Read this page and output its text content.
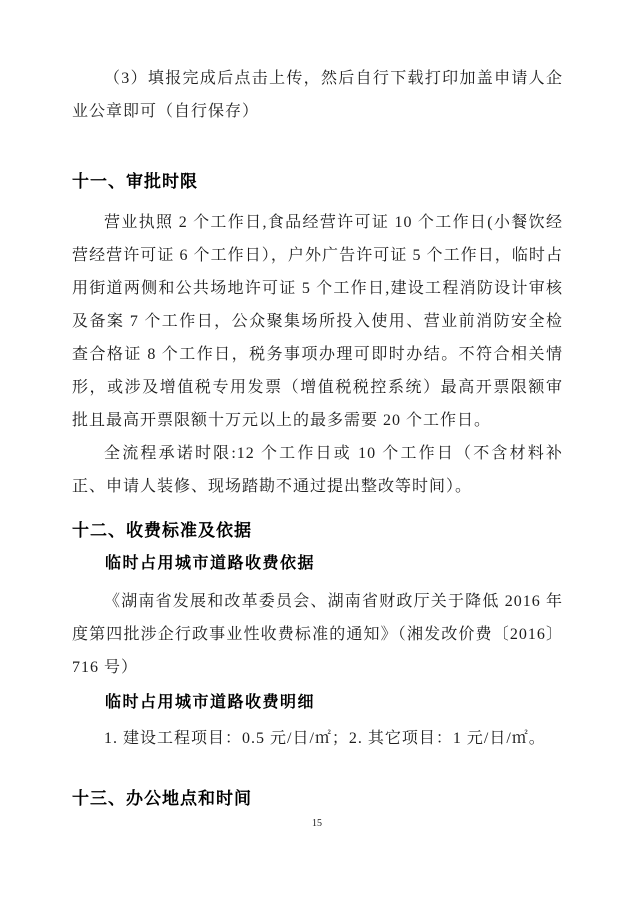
（3）填报完成后点击上传，然后自行下载打印加盖申请人企业公章即可（自行保存）

十一、审批时限

营业执照 2 个工作日,食品经营许可证 10 个工作日(小餐饮经营经营许可证 6 个工作日），户外广告许可证 5 个工作日，临时占用街道两侧和公共场地许可证 5 个工作日,建设工程消防设计审核及备案 7 个工作日，公众聚集场所投入使用、营业前消防安全检查合格证 8 个工作日，税务事项办理可即时办结。不符合相关情形，或涉及增值税专用发票（增值税税控系统）最高开票限额审批且最高开票限额十万元以上的最多需要 20 个工作日。

全流程承诺时限:12 个工作日或 10 个工作日（不含材料补正、申请人装修、现场踏勘不通过提出整改等时间）。

十二、收费标准及依据
临时占用城市道路收费依据

《湖南省发展和改革委员会、湖南省财政厅关于降低 2016 年度第四批涉企行政事业性收费标准的通知》（湘发改价费〔2016〕716 号）

临时占用城市道路收费明细

1. 建设工程项目：0.5 元/日/㎡；2. 其它项目：1 元/日/㎡。

十三、办公地点和时间
15
